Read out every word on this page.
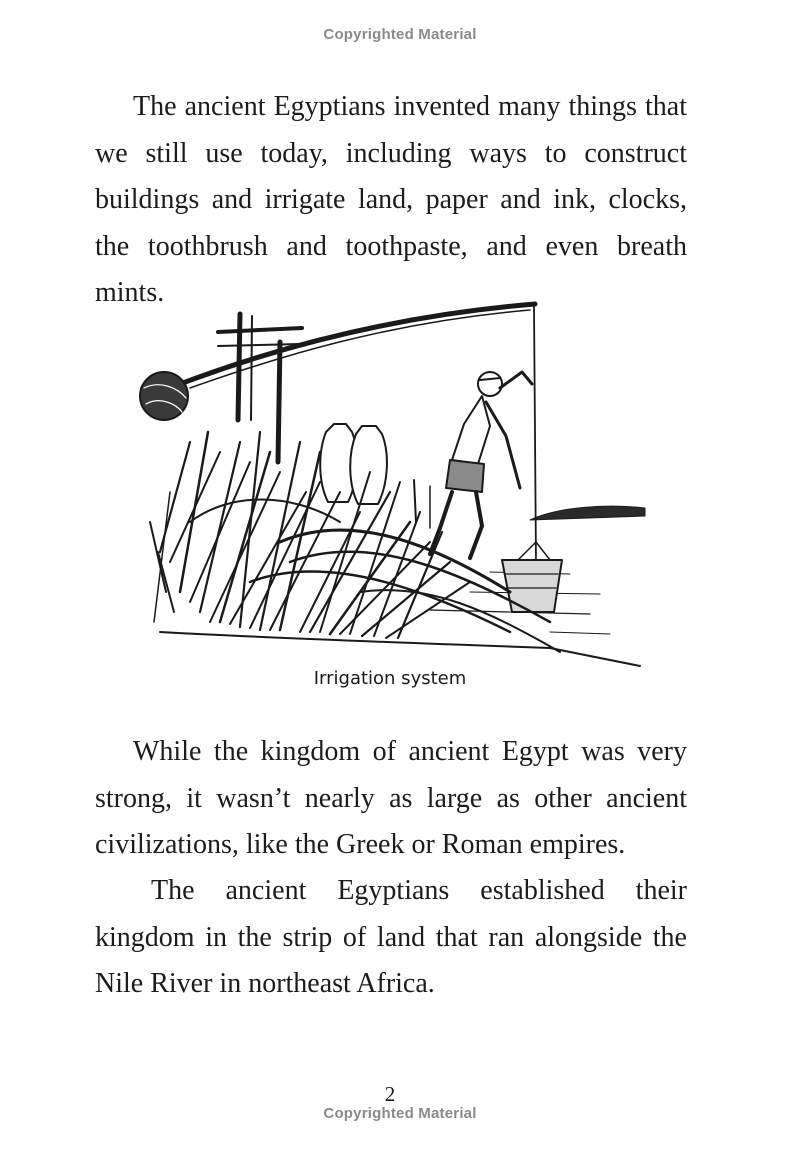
Copyrighted Material

The ancient Egyptians invented many things that we still use today, including ways to construct buildings and irrigate land, paper and ink, clocks, the toothbrush and toothpaste, and even breath mints.

Irrigation system

While the kingdom of ancient Egypt was very strong, it wasn’t nearly as large as other ancient civilizations, like the Greek or Roman empires.

The ancient Egyptians established their kingdom in the strip of land that ran alongside the Nile River in northeast Africa.

2
Copyrighted Material
